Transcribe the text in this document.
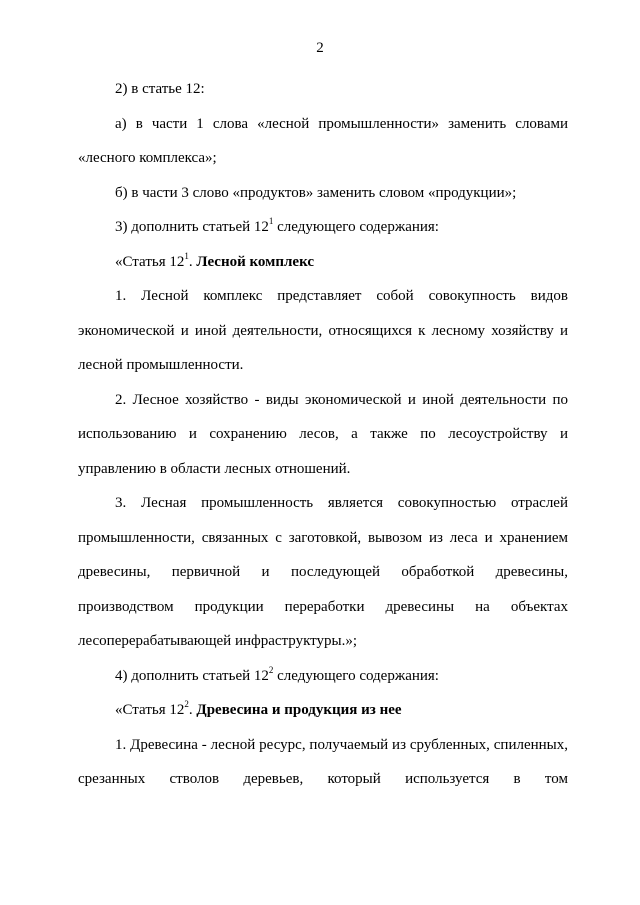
2

2) в статье 12:

а) в части 1 слова «лесной промышленности» заменить словами «лесного комплекса»;

б) в части 3 слово «продуктов» заменить словом «продукции»;

3) дополнить статьей $12^1$ следующего содержания:

«Статья $12^1$. Лесной комплекс

1. Лесной комплекс представляет собой совокупность видов экономической и иной деятельности, относящихся к лесному хозяйству и лесной промышленности.

2. Лесное хозяйство - виды экономической и иной деятельности по использованию и сохранению лесов, а также по лесоустройству и управлению в области лесных отношений.

3. Лесная промышленность является совокупностью отраслей промышленности, связанных с заготовкой, вывозом из леса и хранением древесины, первичной и последующей обработкой древесины, производством продукции переработки древесины на объектах лесоперерабатывающей инфраструктуры.»;

4) дополнить статьей $12^2$ следующего содержания:

«Статья $12^2$. Древесина и продукция из нее

1. Древесина - лесной ресурс, получаемый из срубленных, спиленных, срезанных стволов деревьев, который используется в том
